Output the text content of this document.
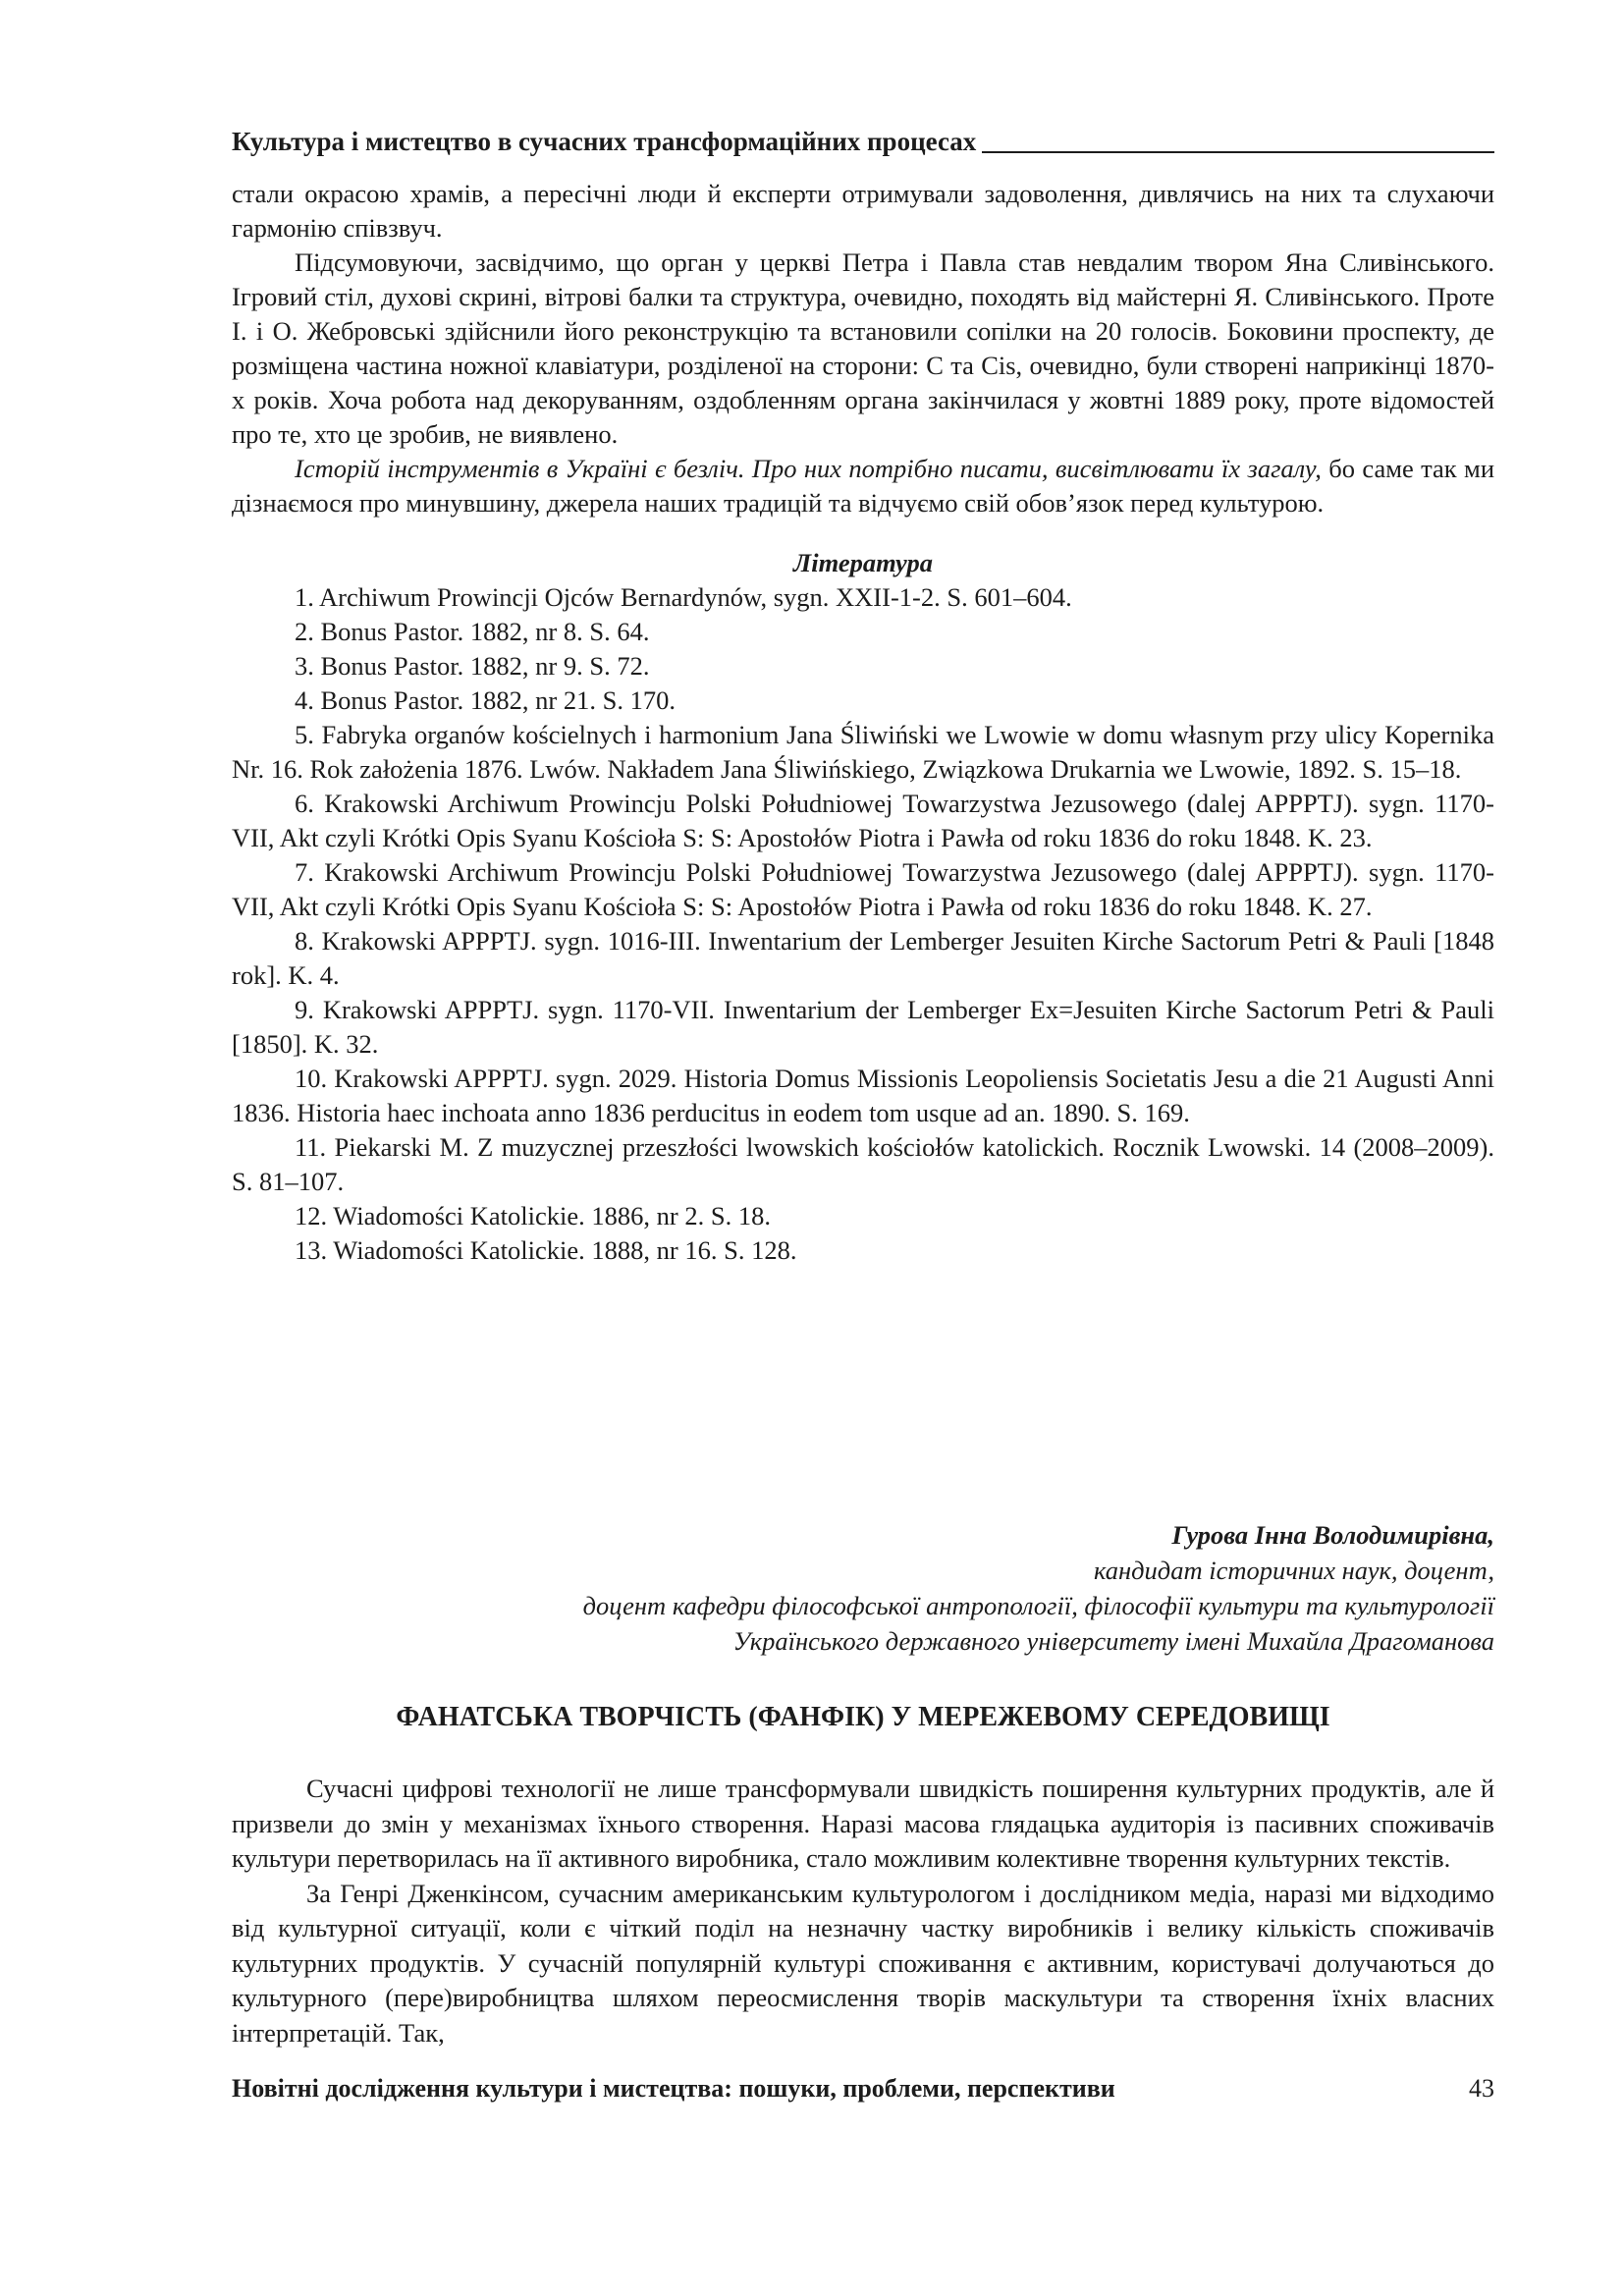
Культура і мистецтво в сучасних трансформаційних процесах

стали окрасою храмів, а пересічні люди й експерти отримували задоволення, дивлячись на них та слухаючи гармонію співзвуч.

Підсумовуючи, засвідчимо, що орган у церкві Петра і Павла став невдалим твором Яна Сливінського. Ігровий стіл, духові скрині, вітрові балки та структура, очевидно, походять від майстерні Я. Сливінського. Проте І. і О. Жебровські здійснили його реконструкцію та встановили сопілки на 20 голосів. Боковини проспекту, де розміщена частина ножної клавіатури, розділеної на сторони: С та Cis, очевидно, були створені наприкінці 1870-х років. Хоча робота над декоруванням, оздобленням органа закінчилася у жовтні 1889 року, проте відомостей про те, хто це зробив, не виявлено.

Історій інструментів в Україні є безліч. Про них потрібно писати, висвітлювати їх загалу, бо саме так ми дізнаємося про минувшину, джерела наших традицій та відчуємо свій обов’язок перед культурою.

Література
1. Archiwum Prowincji Ojców Bernardynów, sygn. XXII-1-2. S. 601–604.
2. Bonus Pastor. 1882, nr 8. S. 64.
3. Bonus Pastor. 1882, nr 9. S. 72.
4. Bonus Pastor. 1882, nr 21. S. 170.
5. Fabryka organów kościelnych i harmonium Jana Śliwiński we Lwowie w domu własnym przy ulicy Kopernika Nr. 16. Rok założenia 1876. Lwów. Nakładem Jana Śliwińskiego, Związkowa Drukarnia we Lwowie, 1892. S. 15–18.
6. Krakowski Archiwum Prowincju Polski Południowej Towarzystwa Jezusowego (dalej APPPTJ). sygn. 1170-VII, Akt czyli Krótki Opis Syanu Kościoła S: S: Apostołów Piotra i Pawła od roku 1836 do roku 1848. K. 23.
7. Krakowski Archiwum Prowincju Polski Południowej Towarzystwa Jezusowego (dalej APPPTJ). sygn. 1170-VII, Akt czyli Krótki Opis Syanu Kościoła S: S: Apostołów Piotra i Pawła od roku 1836 do roku 1848. K. 27.
8. Krakowski APPPTJ. sygn. 1016-III. Inwentarium der Lemberger Jesuiten Kirche Sactorum Petri & Pauli [1848 rok]. K. 4.
9. Krakowski APPPTJ. sygn. 1170-VII. Inwentarium der Lemberger Ex=Jesuiten Kirche Sactorum Petri & Pauli [1850]. K. 32.
10. Krakowski APPPTJ. sygn. 2029. Historia Domus Missionis Leopoliensis Societatis Jesu a die 21 Augusti Anni 1836. Historia haec inchoata anno 1836 perducitus in eodem tom usque ad an. 1890. S. 169.
11. Piekarski M. Z muzycznej przeszłości lwowskich kościołów katolickich. Rocznik Lwowski. 14 (2008–2009). S. 81–107.
12. Wiadomości Katolickie. 1886, nr 2. S. 18.
13. Wiadomości Katolickie. 1888, nr 16. S. 128.
Гурова Інна Володимирівна,
кандидат історичних наук, доцент,
доцент кафедри філософської антропології, філософії культури та культурології
Українського державного університету імені Михайла Драгоманова
ФАНАТСЬКА ТВОРЧІСТЬ (ФАНФІК) У МЕРЕЖЕВОМУ СЕРЕДОВИЩІ

Сучасні цифрові технології не лише трансформували швидкість поширення культурних продуктів, але й призвели до змін у механізмах їхнього створення. Наразі масова глядацька аудиторія із пасивних споживачів культури перетворилась на її активного виробника, стало можливим колективне творення культурних текстів.

За Генрі Дженкінсом, сучасним американським культурологом і дослідником медіа, наразі ми відходимо від культурної ситуації, коли є чіткий поділ на незначну частку виробників і велику кількість споживачів культурних продуктів. У сучасній популярній культурі споживання є активним, користувачі долучаються до культурного (пере)виробництва шляхом переосмислення творів маскультури та створення їхніх власних інтерпретацій. Так,

Новітні дослідження культури і мистецтва: пошуки, проблеми, перспективи	43
